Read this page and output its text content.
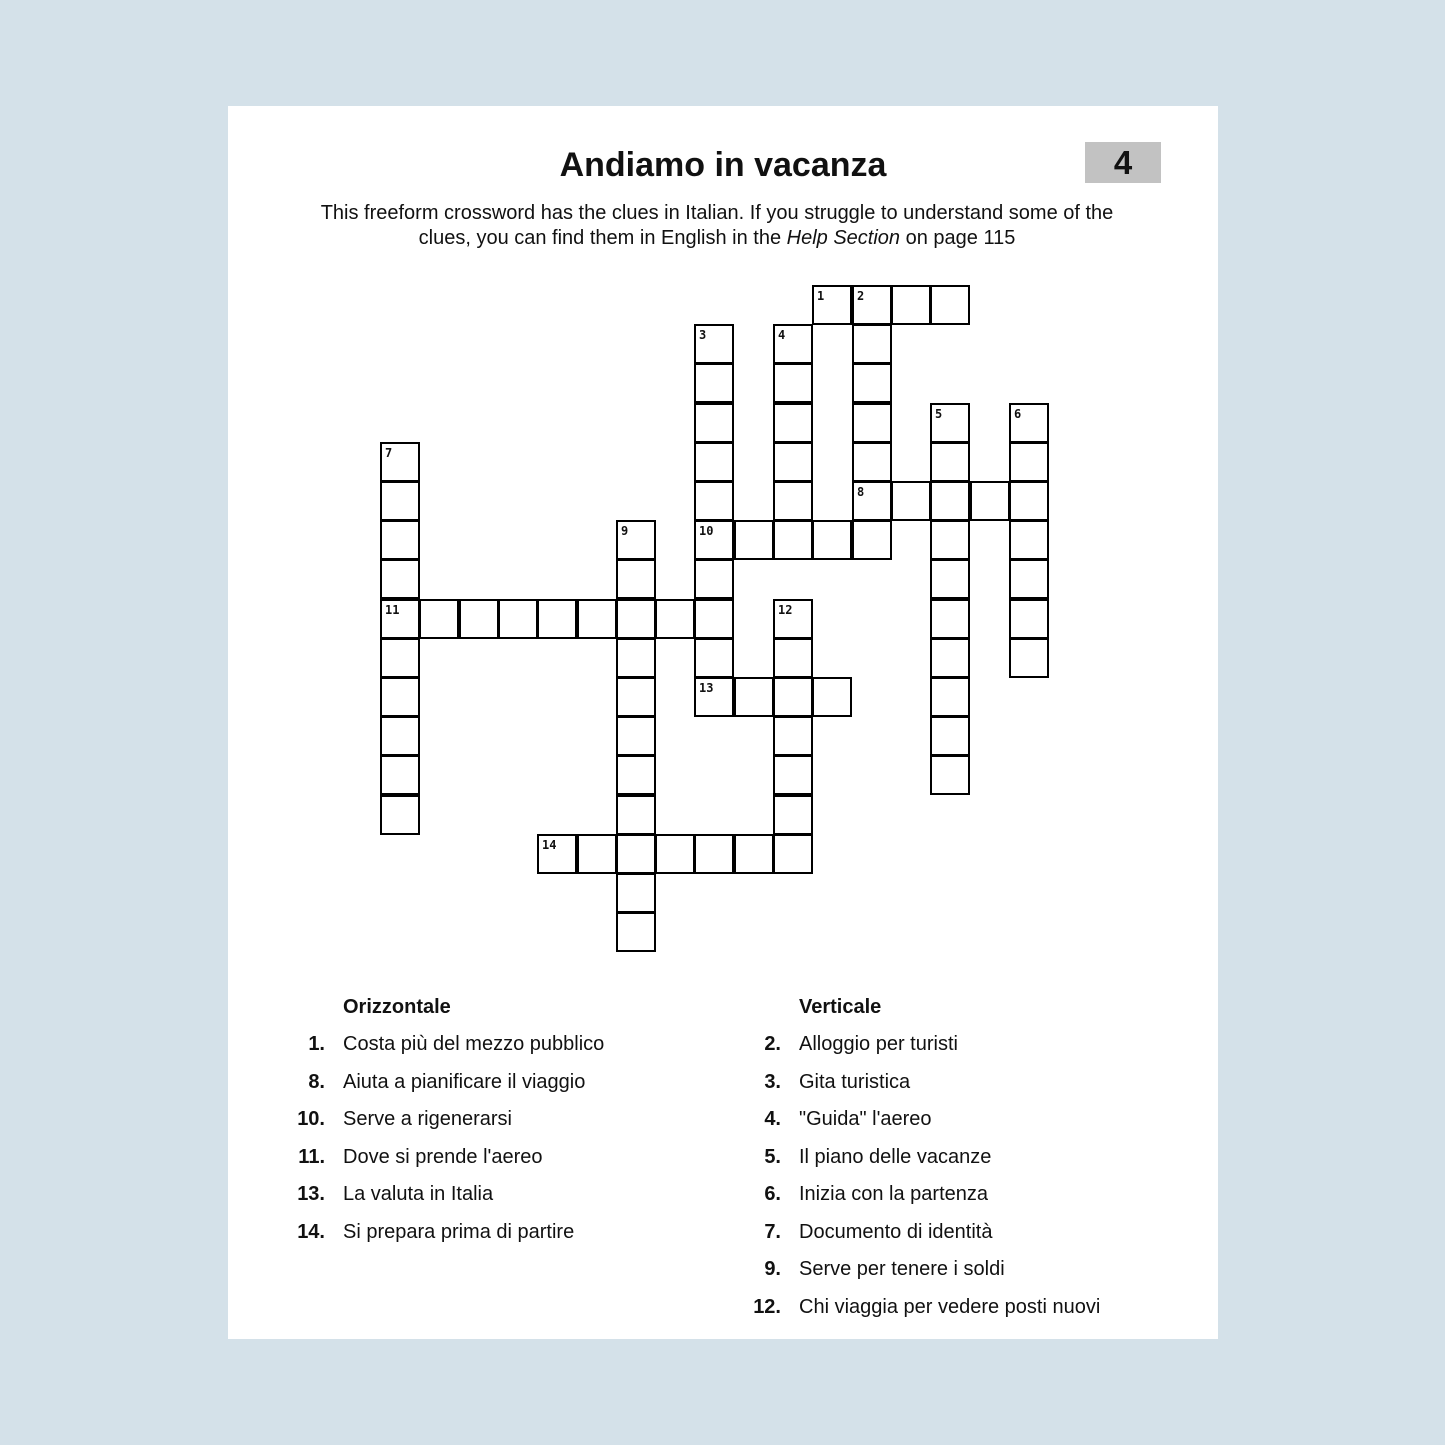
Andiamo in vacanza	4

This freeform crossword has the clues in Italian. If you struggle to understand some of the clues, you can find them in English in the Help Section on page 115

1	2
8
3
10
13
4
5	6
7
11
9
12
14
Orizzontale
1. Costa più del mezzo pubblico
8. Aiuta a pianificare il viaggio
10. Serve a rigenerarsi
11. Dove si prende l'aereo
13. La valuta in Italia
14. Si prepara prima di partire
Verticale
2. Alloggio per turisti
3. Gita turistica
4. "Guida" l'aereo
5. Il piano delle vacanze
6. Inizia con la partenza
7. Documento di identità
9. Serve per tenere i soldi
12. Chi viaggia per vedere posti nuovi
